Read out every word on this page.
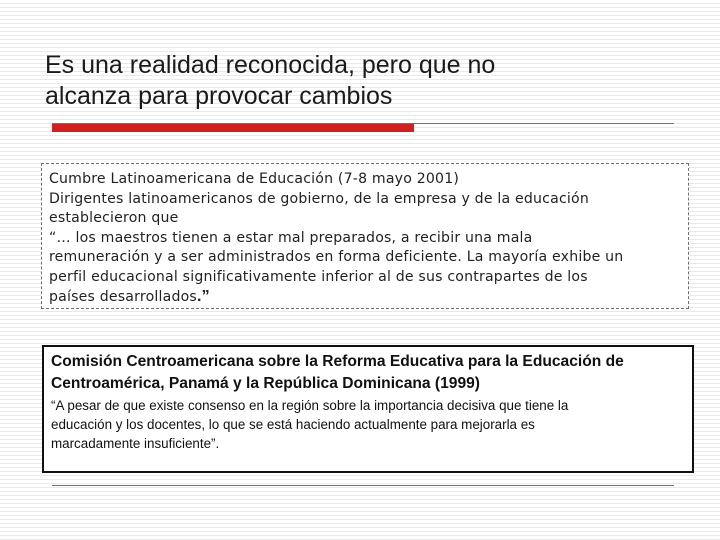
Es una realidad reconocida, pero que no
alcanza para provocar cambios
Cumbre Latinoamericana de Educación (7-8 mayo 2001)
Dirigentes latinoamericanos de gobierno, de la empresa y de la educación
establecieron que
“… los maestros tienen a estar mal preparados, a recibir una mala
remuneración y a ser administrados en forma deficiente. La mayoría exhibe un
perfil educacional significativamente inferior al de sus contrapartes de los
países desarrollados.”
Comisión Centroamericana sobre la Reforma Educativa para la Educación de
Centroamérica, Panamá y la República Dominicana (1999)
“A pesar de que existe consenso en la región sobre la importancia decisiva que tiene la
educación y los docentes, lo que se está haciendo actualmente para mejorarla es
marcadamente insuficiente”.
